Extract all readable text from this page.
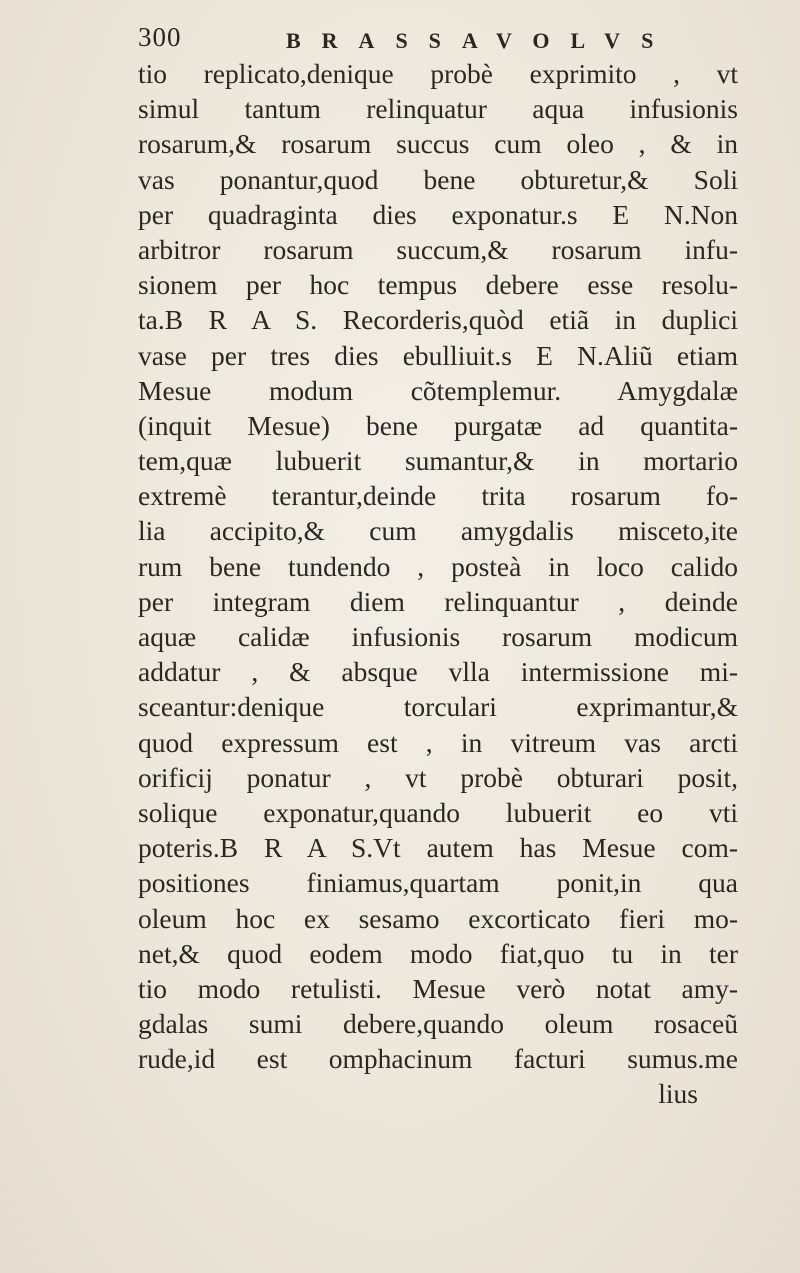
300	BRASSAVOLVS
tio replicato,denique probè exprimito , vt
simul tantum relinquatur aqua infusionis
rosarum,& rosarum succus cum oleo , & in
vas ponantur,quod bene obturetur,& Soli
per quadraginta dies exponatur.s E N.Non
arbitror rosarum succum,& rosarum infu-
sionem per hoc tempus debere esse resolu-
ta.B R A S. Recorderis,quòd etiã in duplici
vase per tres dies ebulliuit.s E N.Aliũ etiam
Mesue modum cõtemplemur. Amygdalæ
(inquit Mesue) bene purgatæ ad quantita-
tem,quæ lubuerit sumantur,& in mortario
extremè terantur,deinde trita rosarum fo-
lia accipito,& cum amygdalis misceto,ite
rum bene tundendo , posteà in loco calido
per integram diem relinquantur , deinde
aquæ calidæ infusionis rosarum modicum
addatur , & absque vlla intermissione mi-
sceantur:denique torculari exprimantur,&
quod expressum est , in vitreum vas arcti
orificij ponatur , vt probè obturari posit,
solique exponatur,quando lubuerit eo vti
poteris.B R A S.Vt autem has Mesue com-
positiones finiamus,quartam ponit,in qua
oleum hoc ex sesamo excorticato fieri mo-
net,& quod eodem modo fiat,quo tu in ter
tio modo retulisti. Mesue verò notat amy-
gdalas sumi debere,quando oleum rosaceũ
rude,id est omphacinum facturi sumus.me
lius
